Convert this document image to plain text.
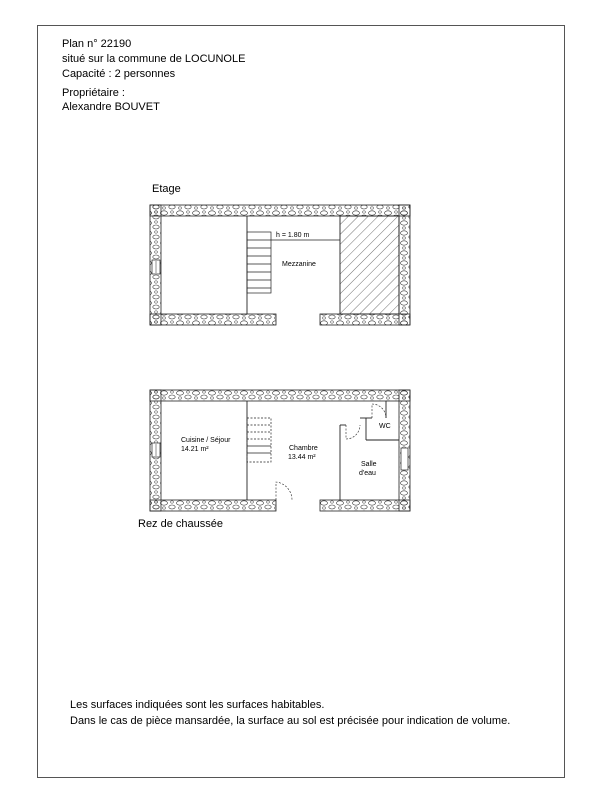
Plan n° 22190
situé sur la commune de LOCUNOLE
Capacité : 2 personnes
Propriétaire :
Alexandre BOUVET
Etage
Rez de chaussée
h = 1.80 m
Mezzanine
Cuisine / Séjour
14.21 m²	Chambre
13.44 m²
WC
Salle
d'eau
Les surfaces indiquées sont les surfaces habitables.
Dans le cas de pièce mansardée, la surface au sol est précisée pour indication de volume.
